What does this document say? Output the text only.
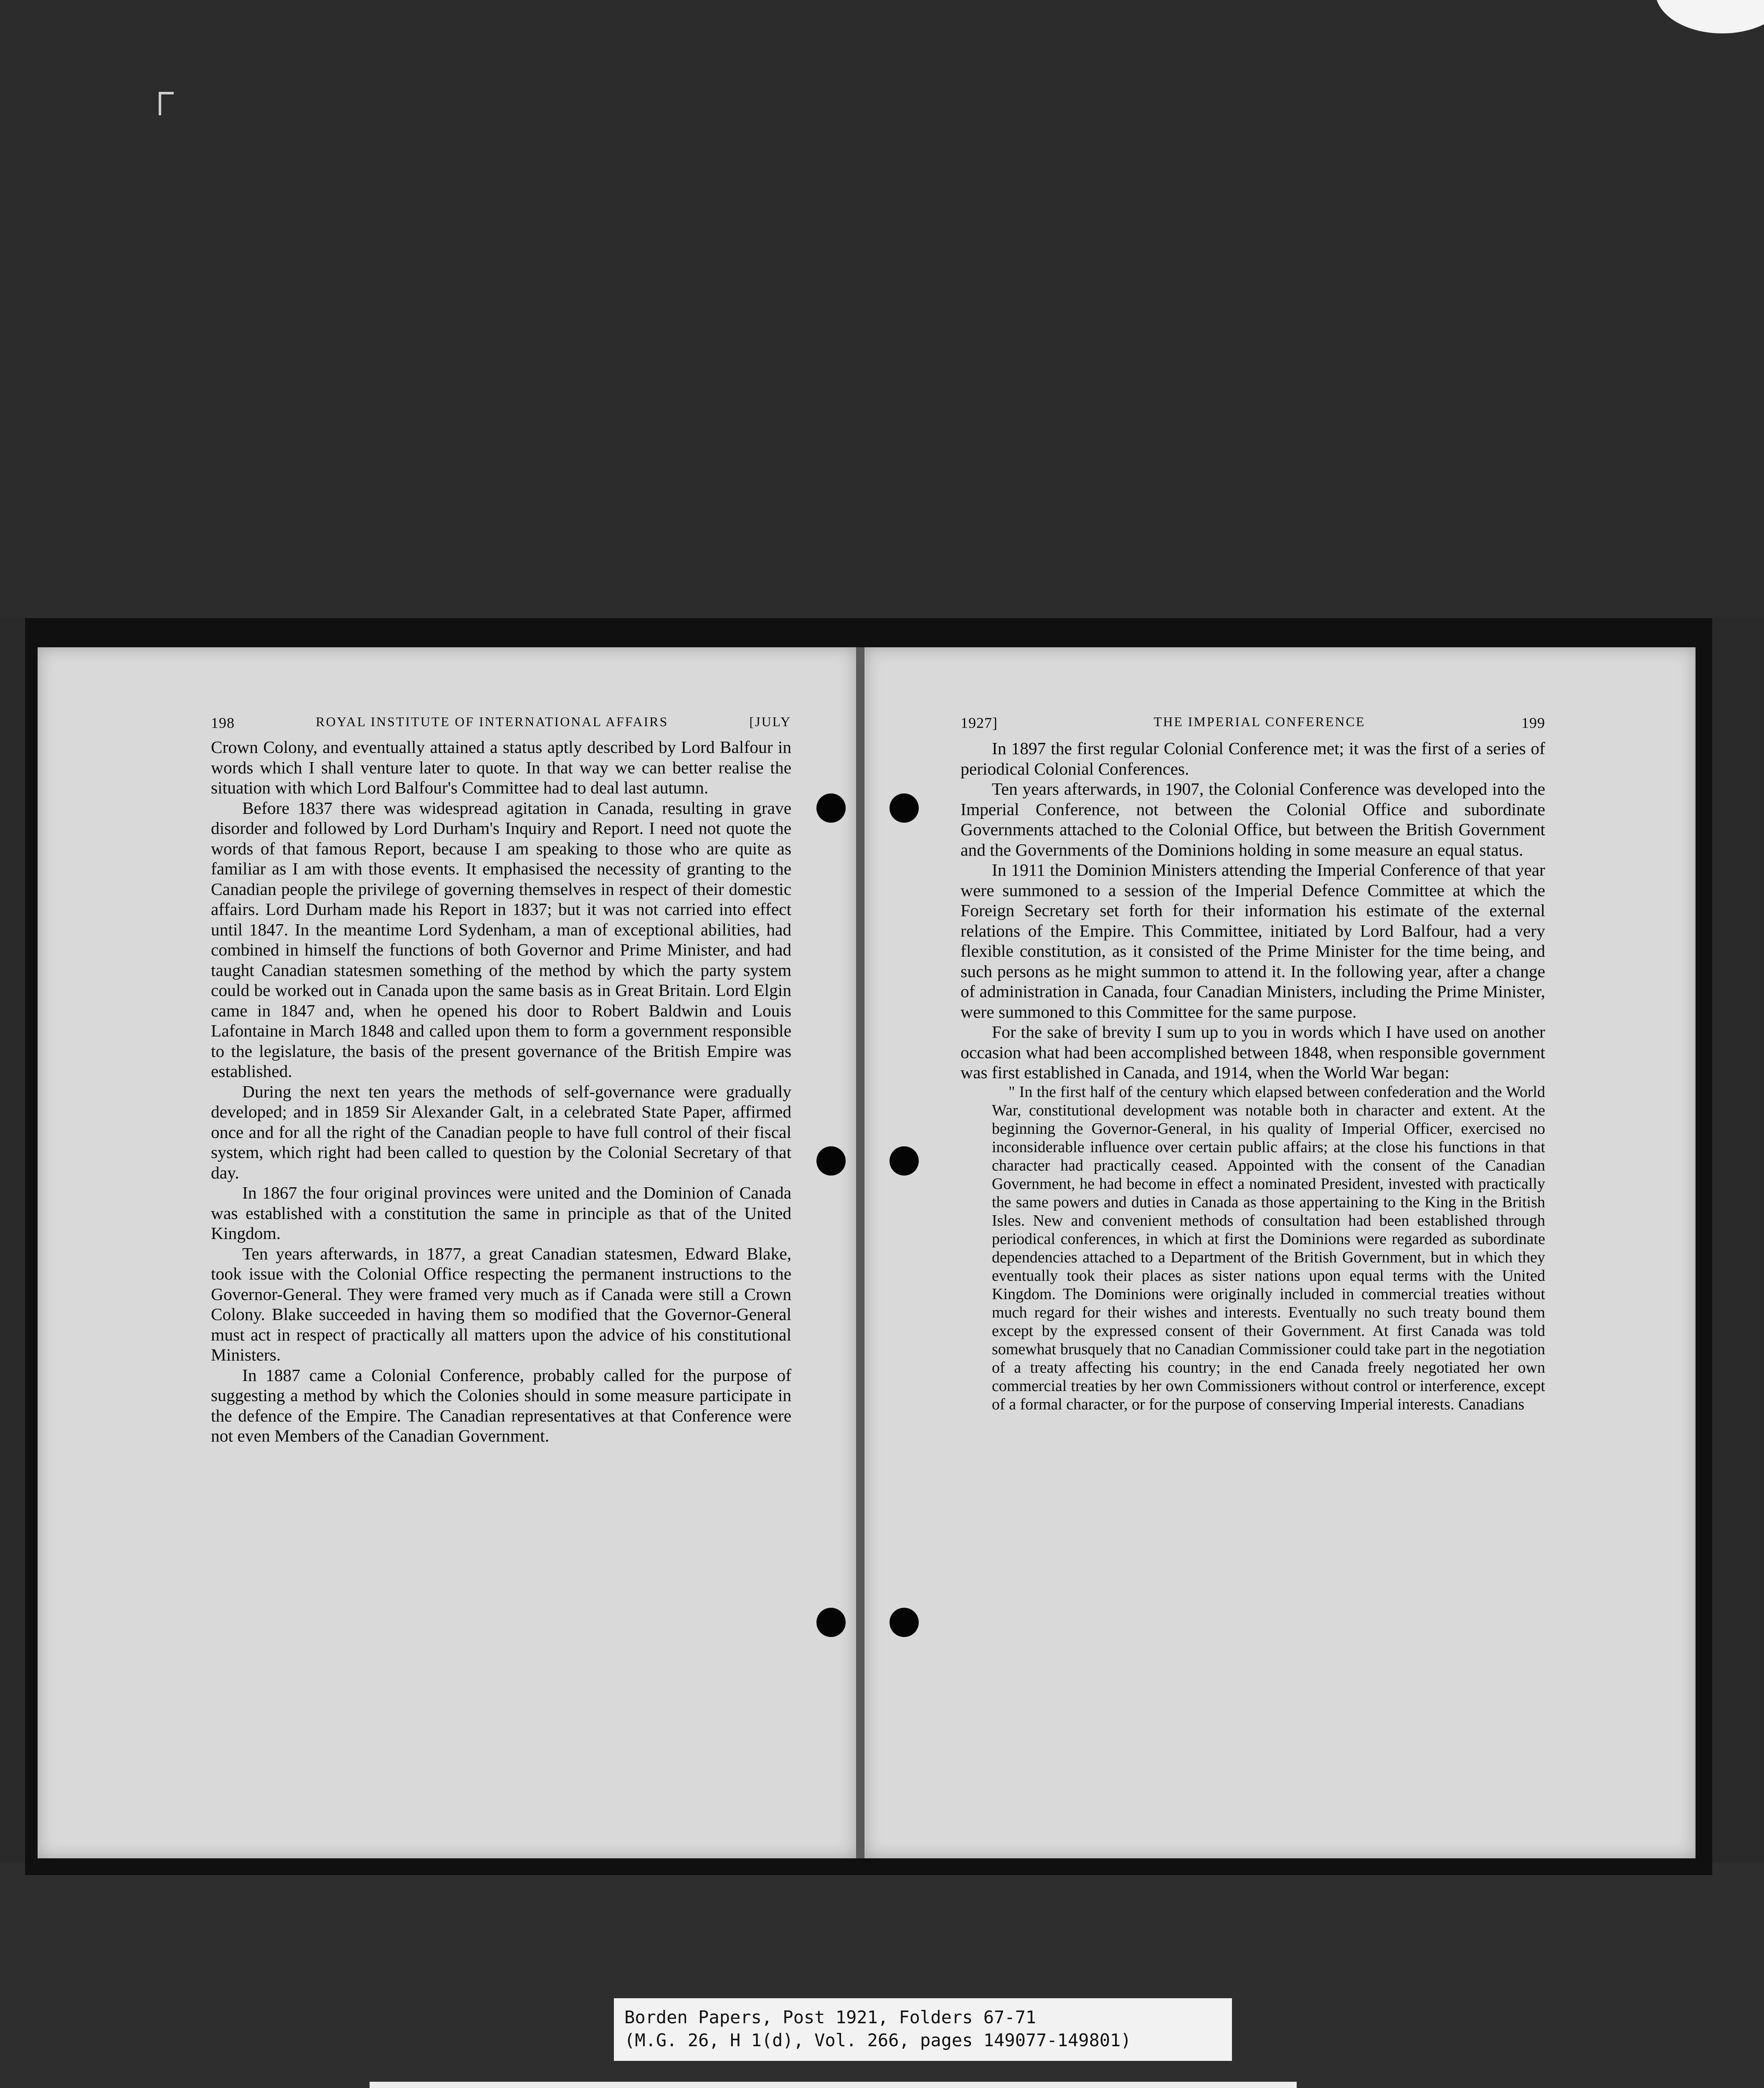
198	ROYAL INSTITUTE OF INTERNATIONAL AFFAIRS	[JULY

Crown Colony, and eventually attained a status aptly described by Lord Balfour in words which I shall venture later to quote. In that way we can better realise the situation with which Lord Balfour's Committee had to deal last autumn.

Before 1837 there was widespread agitation in Canada, resulting in grave disorder and followed by Lord Durham's Inquiry and Report. I need not quote the words of that famous Report, because I am speaking to those who are quite as familiar as I am with those events. It emphasised the necessity of granting to the Canadian people the privilege of governing themselves in respect of their domestic affairs. Lord Durham made his Report in 1837; but it was not carried into effect until 1847. In the meantime Lord Sydenham, a man of exceptional abilities, had combined in himself the functions of both Governor and Prime Minister, and had taught Canadian statesmen something of the method by which the party system could be worked out in Canada upon the same basis as in Great Britain. Lord Elgin came in 1847 and, when he opened his door to Robert Baldwin and Louis Lafontaine in March 1848 and called upon them to form a government responsible to the legislature, the basis of the present governance of the British Empire was established.

During the next ten years the methods of self-governance were gradually developed; and in 1859 Sir Alexander Galt, in a celebrated State Paper, affirmed once and for all the right of the Canadian people to have full control of their fiscal system, which right had been called to question by the Colonial Secretary of that day.

In 1867 the four original provinces were united and the Dominion of Canada was established with a constitution the same in principle as that of the United Kingdom.

Ten years afterwards, in 1877, a great Canadian statesmen, Edward Blake, took issue with the Colonial Office respecting the permanent instructions to the Governor-General. They were framed very much as if Canada were still a Crown Colony. Blake succeeded in having them so modified that the Governor-General must act in respect of practically all matters upon the advice of his constitutional Ministers.

In 1887 came a Colonial Conference, probably called for the purpose of suggesting a method by which the Colonies should in some measure participate in the defence of the Empire. The Canadian representatives at that Conference were not even Members of the Canadian Government.

1927]	THE IMPERIAL CONFERENCE	199

In 1897 the first regular Colonial Conference met; it was the first of a series of periodical Colonial Conferences.

Ten years afterwards, in 1907, the Colonial Conference was developed into the Imperial Conference, not between the Colonial Office and subordinate Governments attached to the Colonial Office, but between the British Government and the Governments of the Dominions holding in some measure an equal status.

In 1911 the Dominion Ministers attending the Imperial Conference of that year were summoned to a session of the Imperial Defence Committee at which the Foreign Secretary set forth for their information his estimate of the external relations of the Empire. This Committee, initiated by Lord Balfour, had a very flexible constitution, as it consisted of the Prime Minister for the time being, and such persons as he might summon to attend it. In the following year, after a change of administration in Canada, four Canadian Ministers, including the Prime Minister, were summoned to this Committee for the same purpose.

For the sake of brevity I sum up to you in words which I have used on another occasion what had been accomplished between 1848, when responsible government was first established in Canada, and 1914, when the World War began:

" In the first half of the century which elapsed between confederation and the World War, constitutional development was notable both in character and extent. At the beginning the Governor-General, in his quality of Imperial Officer, exercised no inconsiderable influence over certain public affairs; at the close his functions in that character had practically ceased. Appointed with the consent of the Canadian Government, he had become in effect a nominated President, invested with practically the same powers and duties in Canada as those appertaining to the King in the British Isles. New and convenient methods of consultation had been established through periodical conferences, in which at first the Dominions were regarded as subordinate dependencies attached to a Department of the British Government, but in which they eventually took their places as sister nations upon equal terms with the United Kingdom. The Dominions were originally included in commercial treaties without much regard for their wishes and interests. Eventually no such treaty bound them except by the expressed consent of their Government. At first Canada was told somewhat brusquely that no Canadian Commissioner could take part in the negotiation of a treaty affecting his country; in the end Canada freely negotiated her own commercial treaties by her own Commissioners without control or interference, except of a formal character, or for the purpose of conserving Imperial interests. Canadians

Borden Papers, Post 1921, Folders 67-71
(M.G. 26, H 1(d), Vol. 266, pages 149077-149801)
